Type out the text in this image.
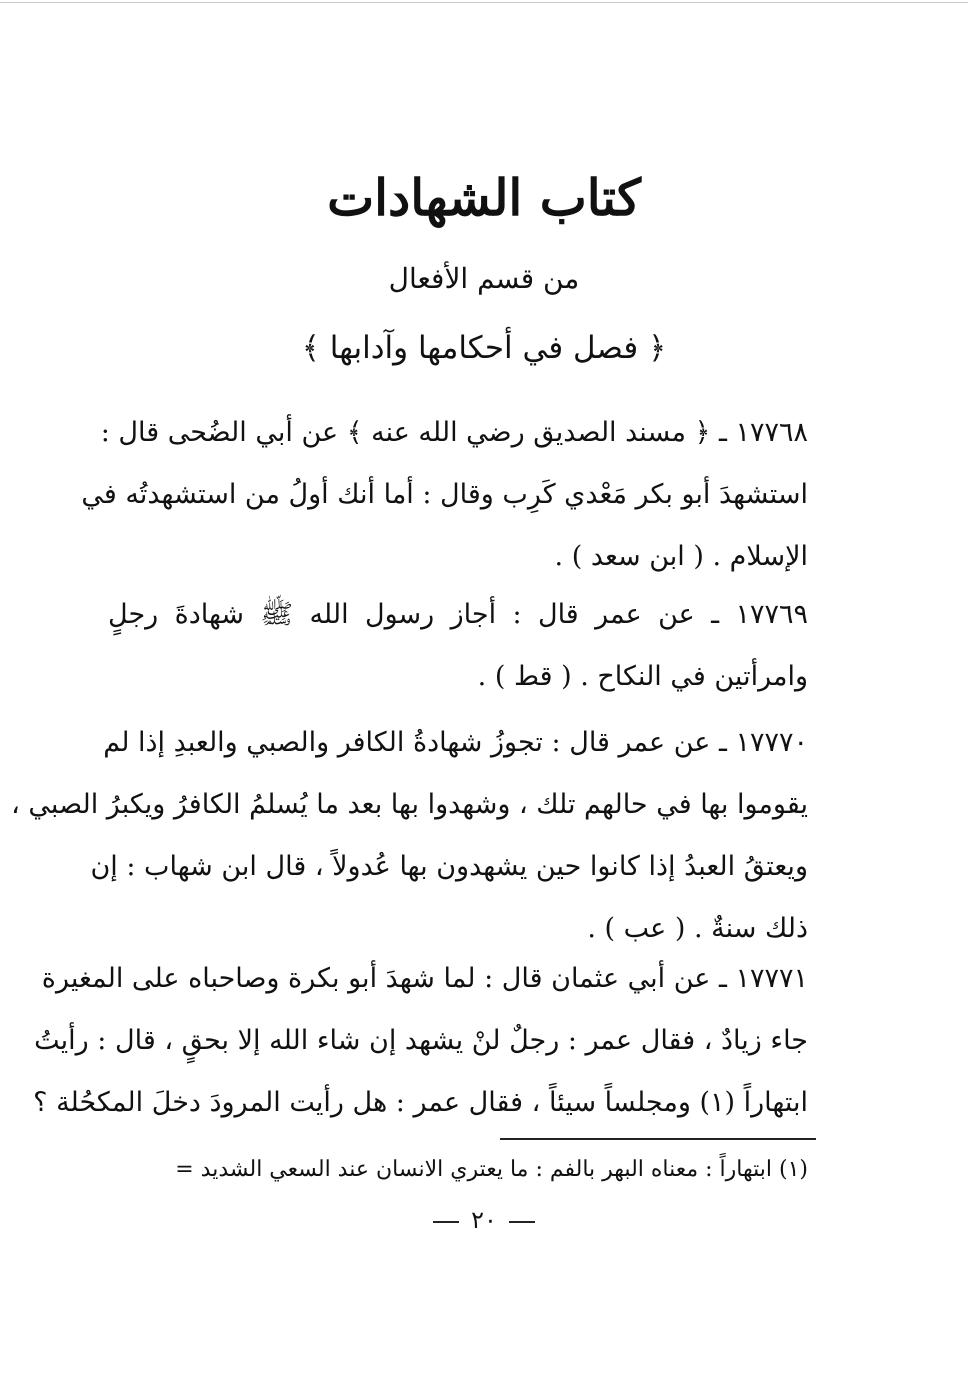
كتاب الشهادات
من قسم الأفعال
﴿ فصل في أحكامها وآدابها ﴾
١٧٧٦٨ ـ ﴿ مسند الصديق رضي الله عنه ﴾ عن أبي الضُحى قال :
استشهدَ أبو بكر مَعْدي كَرِب وقال : أما أنك أولُ من استشهدتُه في
الإسلام . ( ابن سعد ) .
١٧٧٦٩ ـ عن عمر قال : أجاز رسول الله ﷺ شهادةَ رجلٍ
وامرأتين في النكاح . ( قط ) .
١٧٧٧٠ ـ عن عمر قال : تجوزُ شهادةُ الكافر والصبي والعبدِ إذا لم
يقوموا بها في حالهم تلك ، وشهدوا بها بعد ما يُسلمُ الكافرُ ويكبرُ الصبي ،
ويعتقُ العبدُ إذا كانوا حين يشهدون بها عُدولاً ، قال ابن شهاب : إن
ذلك سنةٌ . ( عب ) .
١٧٧٧١ ـ عن أبي عثمان قال : لما شهدَ أبو بكرة وصاحباه على المغيرة
جاء زيادٌ ، فقال عمر : رجلٌ لنْ يشهد إن شاء الله إلا بحقٍ ، قال : رأيتُ
ابتهاراً (١) ومجلساً سيئاً ، فقال عمر : هل رأيت المرودَ دخلَ المكحُلة ؟
(١) ابتهاراً : معناه البهر بالفم : ما يعتري الانسان عند السعي الشديد =
٢٠
